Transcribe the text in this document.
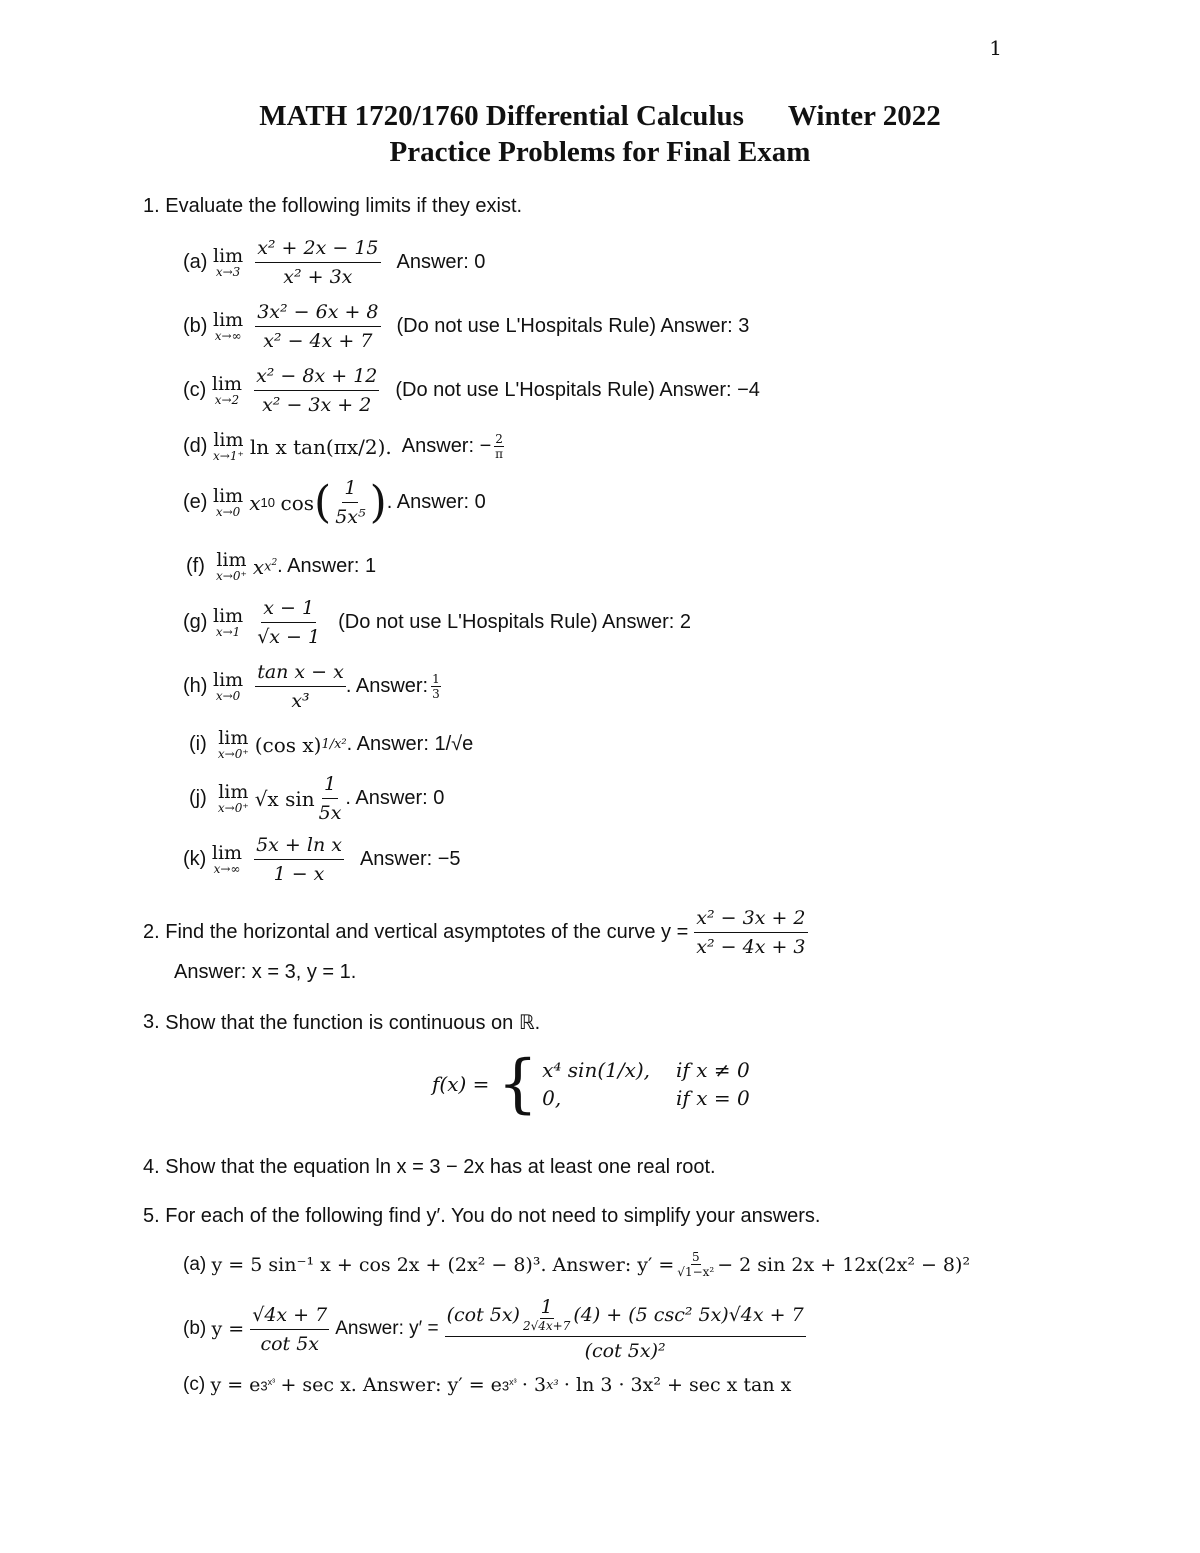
1
MATH 1720/1760 Differential Calculus Winter 2022
Practice Problems for Final Exam
1.
Evaluate the following limits if they exist.
(a)
lim
$x\to 3 \frac{\text{x² + 2x − 15}}{\text{x² + 3x}}$ Answer: 0
(b)
lim
$x\to\infty \frac{\text{3x² − 6x + 8}}{\text{x² − 4x + 7}} (Do$ not use L'Hospitals Rule) Answer: 3
(c)
lim
$x\to 2 \frac{\text{x² − 8x + 12}}{\text{x² − 3x + 2}} (Do$ not use L'Hospitals Rule) Answer: −4
(d)
lim
x→1⁺ ln x tan(πx/2). Answer: − $\frac{2}{\pi}$
(e)
lim
x→0 x 10
cos ( $\frac{1}{\text{5x⁵}}$ ) . Answer: 0
(f)
lim
x→0⁺ x $x^2$ . Answer: 1
(g)
lim
$x\to 1 \frac{x - 1}{√x - 1} (Do$ not use L'Hospitals Rule) Answer: 2
(h)
lim
$x\to 0 \frac{\text{tan x − x}}{\text{x³}}$ . Answer: 1
3
(i)
lim
x→0⁺ (cos x) 1/x² . Answer: 1/√e
(j)
lim
x→0⁺ √x $\sin \frac{1}{5x}$ . Answer: 0
(k)
lim
$x\to\infty \frac{\text{5x + ln x}}{1 - x}$ Answer: −5
2.
Find the horizontal and vertical asymptotes of the curve $y = \frac{\text{x² − 3x + 2}}{\text{x² − 4x + 3}}$
Answer: x = 3, y = 1.
3.
Show that the function is continuous on ℝ.
f(x) = { x⁴ sin(1/x),	if x ≠ 0
0,	if x = 0
4.
Show that the equation ln x = 3 − 2x has at least one real root.
5.
For each of the following find y′. You do not need to simplify your answers.
(a)
y = 5 sin⁻¹ x + cos 2x + (2x² − 8)³. Answer: $y' = \frac{5}{\text{√1−x²}} - 2$ sin 2x + 12x(2x² − 8)²
(b)
$y = \frac{√4x + 7}{\cot 5x}$ Answer: y′ = (cot 5x) 1
2√4x+7
(4) + (5 csc² 5x)√4x + 7
(cot 5x)²
(c)
y = e $3^{x^3}$
+ sec x. Answer: y′ = e $3^{x^3}$
· 3 x³
· ln 3 · 3x² + sec x tan x
